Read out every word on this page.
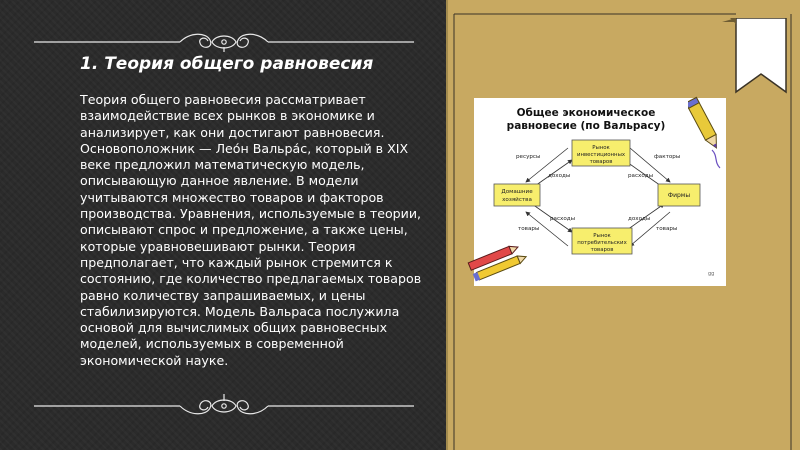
1. Теория общего равновесия

Теория общего равновесия рассматривает взаимодействие всех рынков в экономике и анализирует, как они достигают равновесия. Основоположник — Лео́н Вальра́с, который в XIX веке предложил математическую модель, описывающую данное явление. В модели учитываются множество товаров и факторов производства. Уравнения, используемые в теории, описывают спрос и предложение, а также цены, которые уравновешивают рынки. Теория предполагает, что каждый рынок стремится к состоянию, где количество предлагаемых товаров равно количеству запрашиваемых, и цены стабилизируются. Модель Вальраса послужила основой для вычислимых общих равновесных моделей, используемых в современной экономической науке.

Общее экономическое
равновесие (по Вальрасу)
Рынок
инвестиционных
товаров
Домашние
хозяйства
Фирмы
Рынок
потребительских
товаров
ресурсы	факторы
доходы	расходы
расходы	доходы
товары	товары
gg
